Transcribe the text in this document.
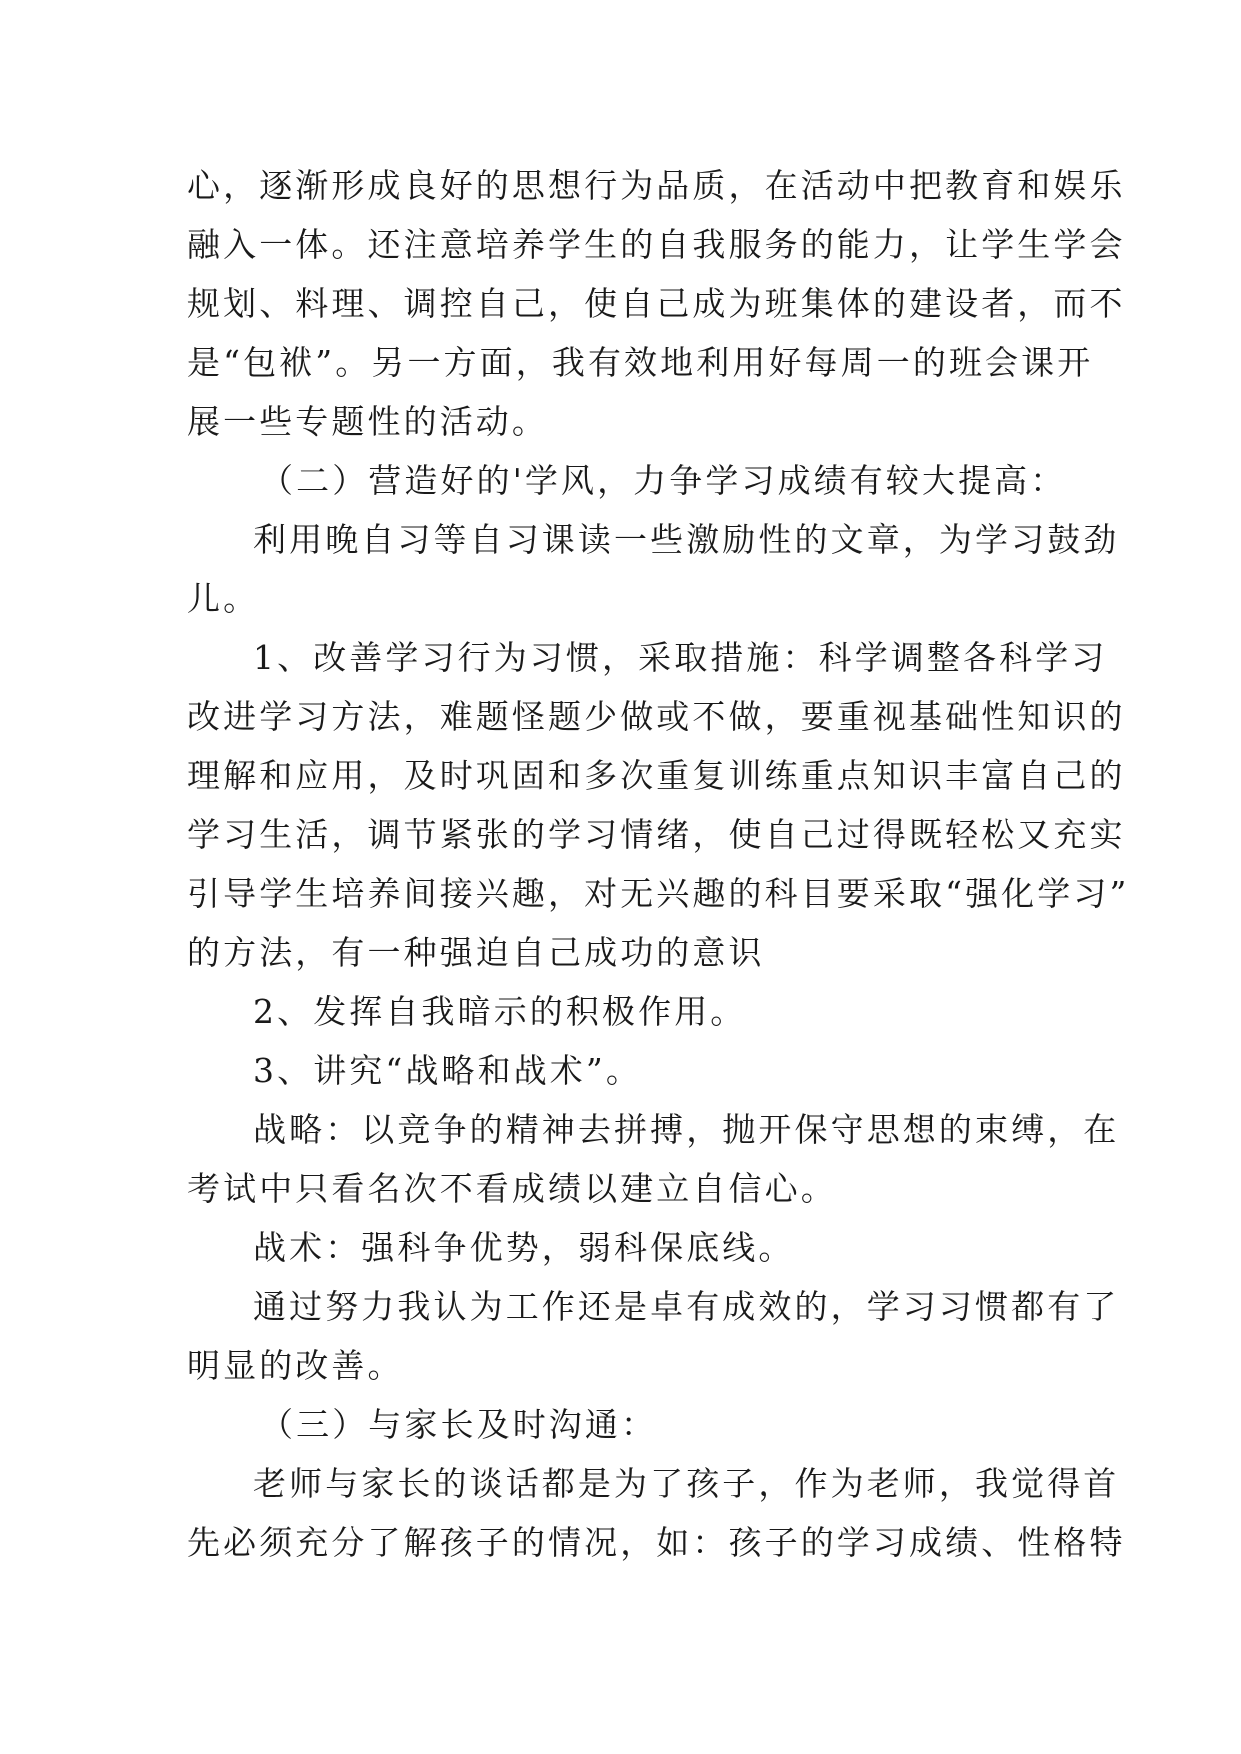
心，逐渐形成良好的思想行为品质，在活动中把教育和娱乐
融入一体。还注意培养学生的自我服务的能力，让学生学会
规划、料理、调控自己，使自己成为班集体的建设者，而不
是“包袱”。另一方面，我有效地利用好每周一的班会课开
展一些专题性的活动。
（二）营造好的'学风，力争学习成绩有较大提高：
利用晚自习等自习课读一些激励性的文章，为学习鼓劲
儿。
1、改善学习行为习惯，采取措施：科学调整各科学习
改进学习方法，难题怪题少做或不做，要重视基础性知识的
理解和应用，及时巩固和多次重复训练重点知识丰富自己的
学习生活，调节紧张的学习情绪，使自己过得既轻松又充实
引导学生培养间接兴趣，对无兴趣的科目要采取“强化学习”
的方法，有一种强迫自己成功的意识
2、发挥自我暗示的积极作用。
3、讲究“战略和战术”。
战略：以竞争的精神去拼搏，抛开保守思想的束缚，在
考试中只看名次不看成绩以建立自信心。
战术：强科争优势，弱科保底线。
通过努力我认为工作还是卓有成效的，学习习惯都有了
明显的改善。
（三）与家长及时沟通：
老师与家长的谈话都是为了孩子，作为老师，我觉得首
先必须充分了解孩子的情况，如：孩子的学习成绩、性格特
